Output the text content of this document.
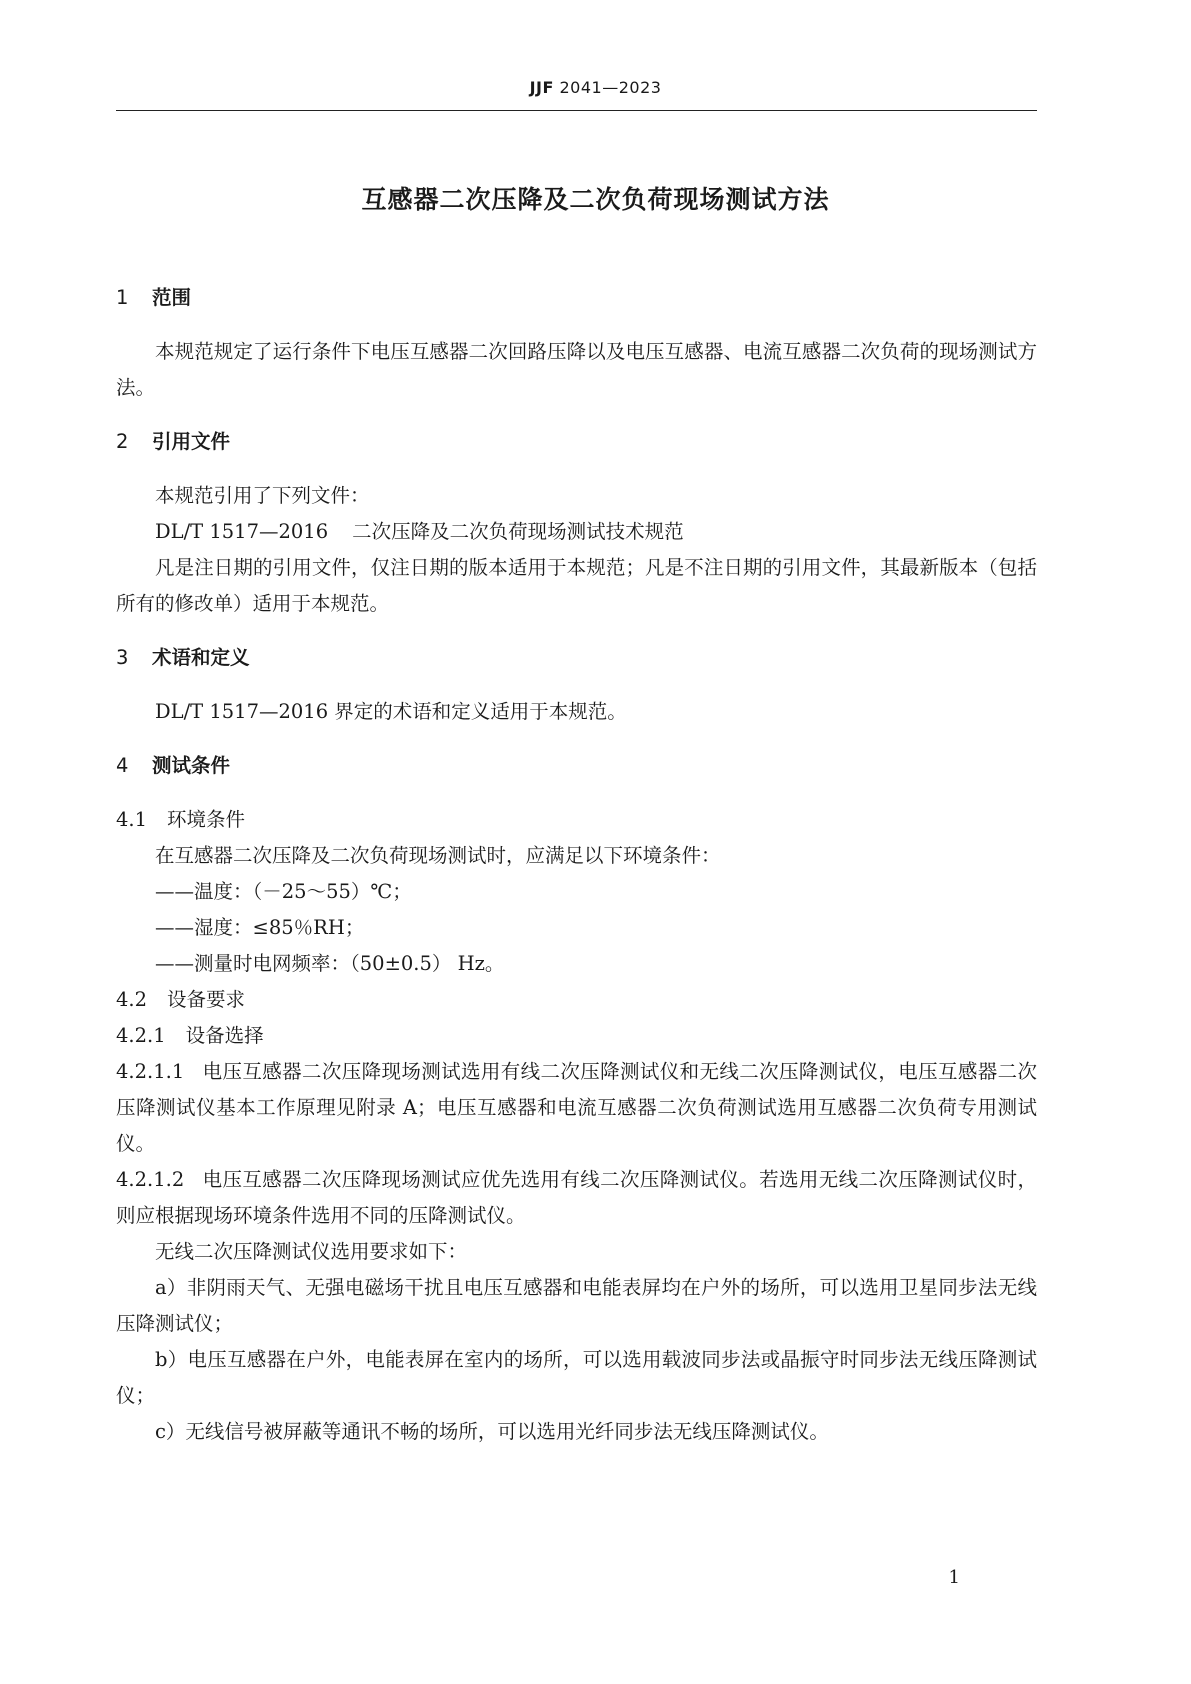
JJF 2041—2023
互感器二次压降及二次负荷现场测试方法
1 范围
本规范规定了运行条件下电压互感器二次回路压降以及电压互感器、电流互感器二次负荷的现场测试方法。
2 引用文件
本规范引用了下列文件：
DL/T 1517—2016 二次压降及二次负荷现场测试技术规范
凡是注日期的引用文件，仅注日期的版本适用于本规范；凡是不注日期的引用文件，其最新版本（包括所有的修改单）适用于本规范。
3 术语和定义
DL/T 1517—2016 界定的术语和定义适用于本规范。
4 测试条件
4.1 环境条件
在互感器二次压降及二次负荷现场测试时，应满足以下环境条件：
——温度：（－25～55）℃；
——湿度：≤85％RH；
——测量时电网频率：（50±0.5） Hz。
4.2 设备要求
4.2.1 设备选择
4.2.1.1 电压互感器二次压降现场测试选用有线二次压降测试仪和无线二次压降测试仪，电压互感器二次压降测试仪基本工作原理见附录 A；电压互感器和电流互感器二次负荷测试选用互感器二次负荷专用测试仪。
4.2.1.2 电压互感器二次压降现场测试应优先选用有线二次压降测试仪。若选用无线二次压降测试仪时，则应根据现场环境条件选用不同的压降测试仪。
无线二次压降测试仪选用要求如下：
a）非阴雨天气、无强电磁场干扰且电压互感器和电能表屏均在户外的场所，可以选用卫星同步法无线压降测试仪；
b）电压互感器在户外，电能表屏在室内的场所，可以选用载波同步法或晶振守时同步法无线压降测试仪；
c）无线信号被屏蔽等通讯不畅的场所，可以选用光纤同步法无线压降测试仪。
1
